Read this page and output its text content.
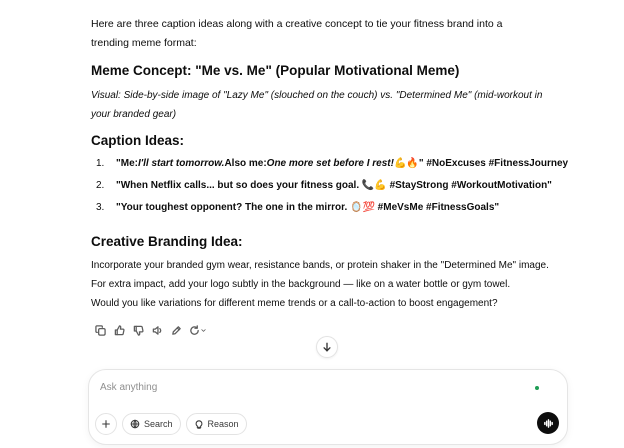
Here are three caption ideas along with a creative concept to tie your fitness brand into a trending meme format:
Meme Concept: "Me vs. Me" (Popular Motivational Meme)
Visual: Side-by-side image of "Lazy Me" (slouched on the couch) vs. "Determined Me" (mid-workout in your branded gear)
Caption Ideas:
1.	"Me: I'll start tomorrow. Also me: One more set before I rest! 💪🔥" #NoExcuses #FitnessJourney
2.	"When Netflix calls... but so does your fitness goal. 📞💪 #StayStrong #WorkoutMotivation"
3.	"Your toughest opponent? The one in the mirror. 🪞💯 #MeVsMe #FitnessGoals"
Creative Branding Idea:
Incorporate your branded gym wear, resistance bands, or protein shaker in the "Determined Me" image. For extra impact, add your logo subtly in the background — like on a water bottle or gym towel.
Would you like variations for different meme trends or a call-to-action to boost engagement?
Ask anything
Search	Reason
